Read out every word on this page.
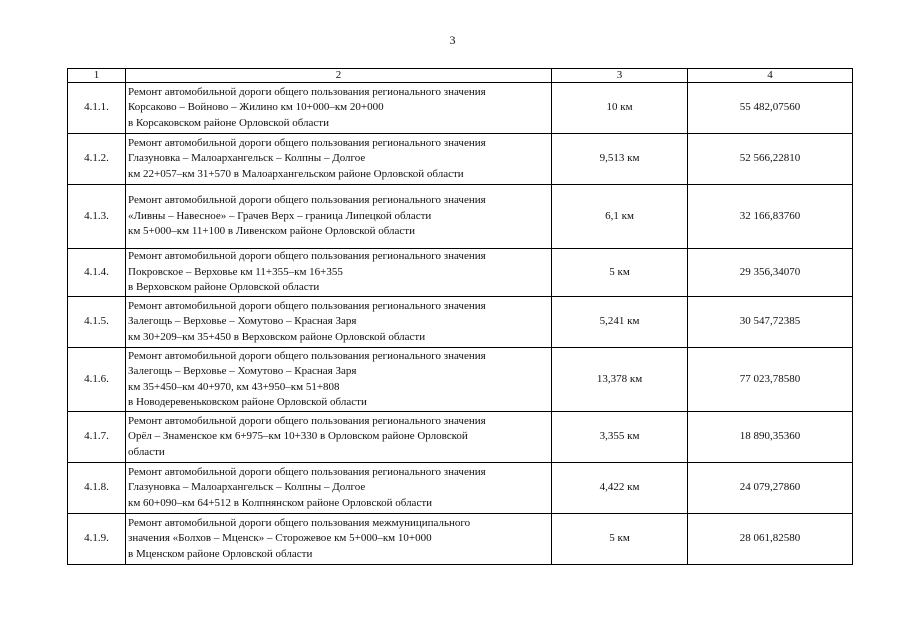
3
1	2	3	4
4.1.1.	Ремонт автомобильной дороги общего пользования регионального значения
Корсаково – Войново – Жилино км 10+000–км 20+000
в Корсаковском районе Орловской области	10 км	55 482,07560
4.1.2.	Ремонт автомобильной дороги общего пользования регионального значения
Глазуновка – Малоархангельск – Колпны – Долгое
км 22+057–км 31+570 в Малоархангельском районе Орловской области	9,513 км	52 566,22810
4.1.3.	Ремонт автомобильной дороги общего пользования регионального значения
«Ливны – Навесное» – Грачев Верх – граница Липецкой области
км 5+000–км 11+100 в Ливенском районе Орловской области	6,1 км	32 166,83760
4.1.4.	Ремонт автомобильной дороги общего пользования регионального значения
Покровское – Верховье км 11+355–км 16+355
в Верховском районе Орловской области	5 км	29 356,34070
4.1.5.	Ремонт автомобильной дороги общего пользования регионального значения
Залегощь – Верховье – Хомутово – Красная Заря
км 30+209–км 35+450 в Верховском районе Орловской области	5,241 км	30 547,72385
4.1.6.	Ремонт автомобильной дороги общего пользования регионального значения
Залегощь – Верховье – Хомутово – Красная Заря
км 35+450–км 40+970, км 43+950–км 51+808
в Новодеревеньковском районе Орловской области	13,378 км	77 023,78580
4.1.7.	Ремонт автомобильной дороги общего пользования регионального значения
Орёл – Знаменское км 6+975–км 10+330 в Орловском районе Орловской
области	3,355 км	18 890,35360
4.1.8.	Ремонт автомобильной дороги общего пользования регионального значения
Глазуновка – Малоархангельск – Колпны – Долгое
км 60+090–км 64+512 в Колпнянском районе Орловской области	4,422 км	24 079,27860
4.1.9.	Ремонт автомобильной дороги общего пользования межмуниципального
значения «Болхов – Мценск» – Сторожевое км 5+000–км 10+000
в Мценском районе Орловской области	5 км	28 061,82580
